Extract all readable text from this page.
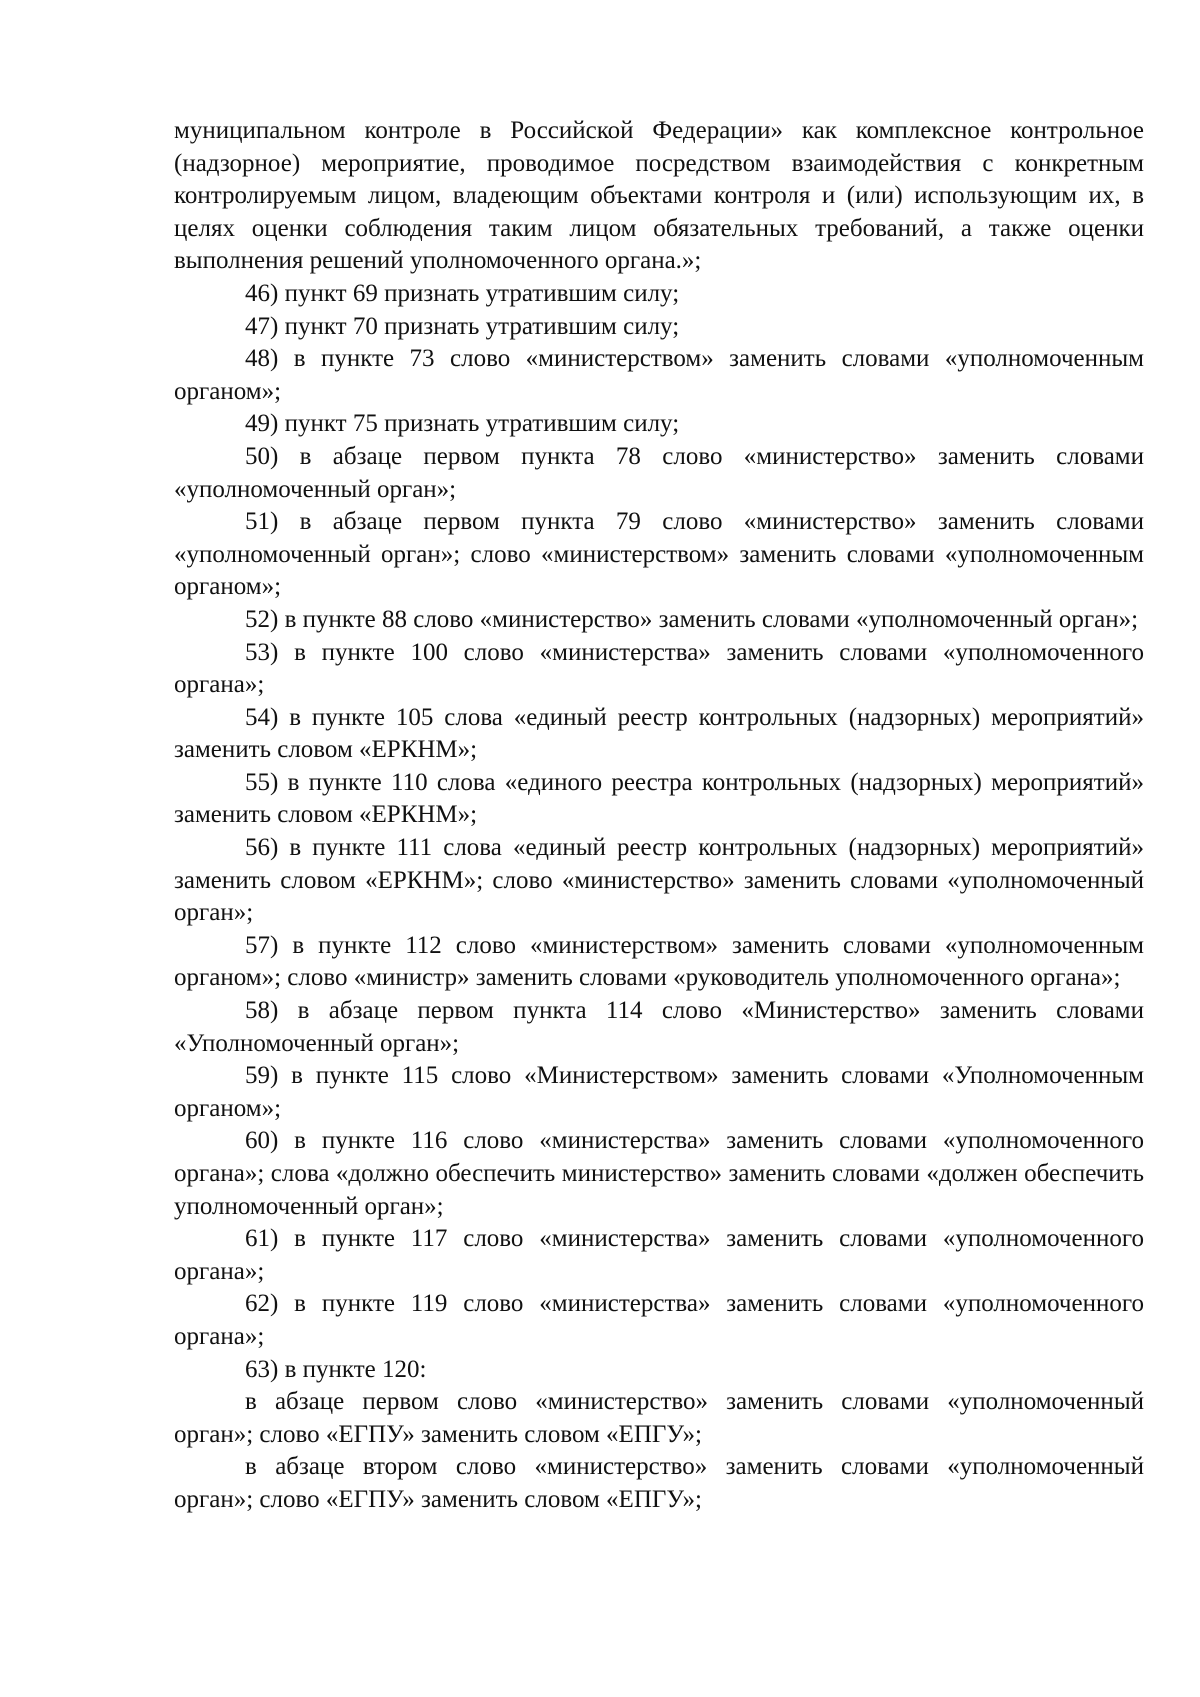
муниципальном контроле в Российской Федерации» как комплексное контрольное (надзорное) мероприятие, проводимое посредством взаимодействия с конкретным контролируемым лицом, владеющим объектами контроля и (или) использующим их, в целях оценки соблюдения таким лицом обязательных требований, а также оценки выполнения решений уполномоченного органа.»;

46) пункт 69 признать утратившим силу;

47) пункт 70 признать утратившим силу;

48) в пункте 73 слово «министерством» заменить словами «уполномоченным органом»;

49) пункт 75 признать утратившим силу;

50) в абзаце первом пункта 78 слово «министерство» заменить словами «уполномоченный орган»;

51) в абзаце первом пункта 79 слово «министерство» заменить словами «уполномоченный орган»; слово «министерством» заменить словами «уполномоченным органом»;

52) в пункте 88 слово «министерство» заменить словами «уполномоченный орган»;

53) в пункте 100 слово «министерства» заменить словами «уполномоченного органа»;

54) в пункте 105 слова «единый реестр контрольных (надзорных) мероприятий» заменить словом «ЕРКНМ»;

55) в пункте 110 слова «единого реестра контрольных (надзорных) мероприятий» заменить словом «ЕРКНМ»;

56) в пункте 111 слова «единый реестр контрольных (надзорных) мероприятий» заменить словом «ЕРКНМ»; слово «министерство» заменить словами «уполномоченный орган»;

57) в пункте 112 слово «министерством» заменить словами «уполномоченным органом»; слово «министр» заменить словами «руководитель уполномоченного органа»;

58) в абзаце первом пункта 114 слово «Министерство» заменить словами «Уполномоченный орган»;

59) в пункте 115 слово «Министерством» заменить словами «Уполномоченным органом»;

60) в пункте 116 слово «министерства» заменить словами «уполномоченного органа»; слова «должно обеспечить министерство» заменить словами «должен обеспечить уполномоченный орган»;

61) в пункте 117 слово «министерства» заменить словами «уполномоченного органа»;

62) в пункте 119 слово «министерства» заменить словами «уполномоченного органа»;

63) в пункте 120:

в абзаце первом слово «министерство» заменить словами «уполномоченный орган»; слово «ЕГПУ» заменить словом «ЕПГУ»;

в абзаце втором слово «министерство» заменить словами «уполномоченный орган»; слово «ЕГПУ» заменить словом «ЕПГУ»;
